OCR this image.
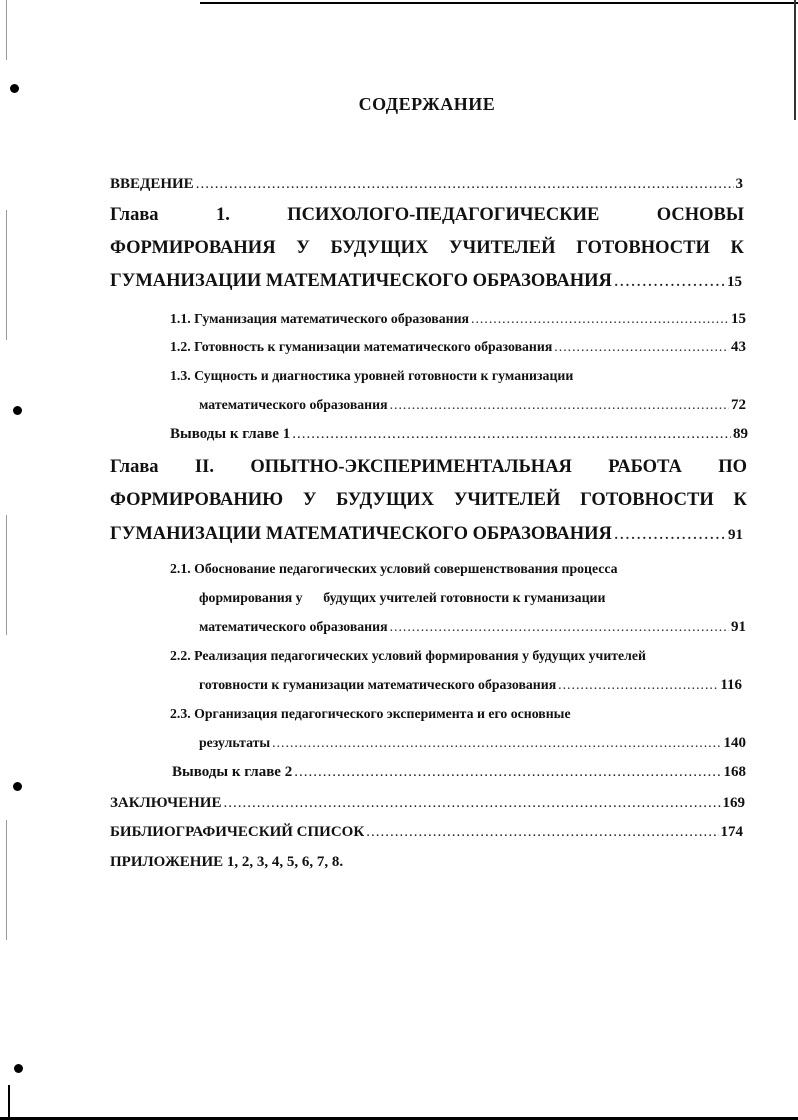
СОДЕРЖАНИЕ
ВВЕДЕНИЕ .....	3
Глава	1.	ПСИХОЛОГО-ПЕДАГОГИЧЕСКИЕ	ОСНОВЫ
ФОРМИРОВАНИЯ У БУДУЩИХ УЧИТЕЛЕЙ ГОТОВНОСТИ К
ГУМАНИЗАЦИИ МАТЕМАТИЧЕСКОГО ОБРАЗОВАНИЯ .....	15
1.1. Гуманизация математического образования .....	15
1.2. Готовность к гуманизации математического образования .....	43
1.3. Сущность и диагностика уровней готовности к гуманизации
математического образования .....	72
Выводы к главе 1 .....	89
Глава II. ОПЫТНО-ЭКСПЕРИМЕНТАЛЬНАЯ РАБОТА ПО
ФОРМИРОВАНИЮ У БУДУЩИХ УЧИТЕЛЕЙ ГОТОВНОСТИ К
ГУМАНИЗАЦИИ МАТЕМАТИЧЕСКОГО ОБРАЗОВАНИЯ .....	91
2.1. Обоснование педагогических условий совершенствования процесса
формирования у      будущих учителей готовности к гуманизации
математического образования .....	91
2.2. Реализация педагогических условий формирования у будущих учителей
готовности к гуманизации математического образования .....	116
2.3. Организация педагогического эксперимента и его основные
результаты .....	140
Выводы к главе 2 .....	168
ЗАКЛЮЧЕНИЕ .....	169
БИБЛИОГРАФИЧЕСКИЙ СПИСОК .....	174
ПРИЛОЖЕНИЕ 1, 2, 3, 4, 5, 6, 7, 8.
